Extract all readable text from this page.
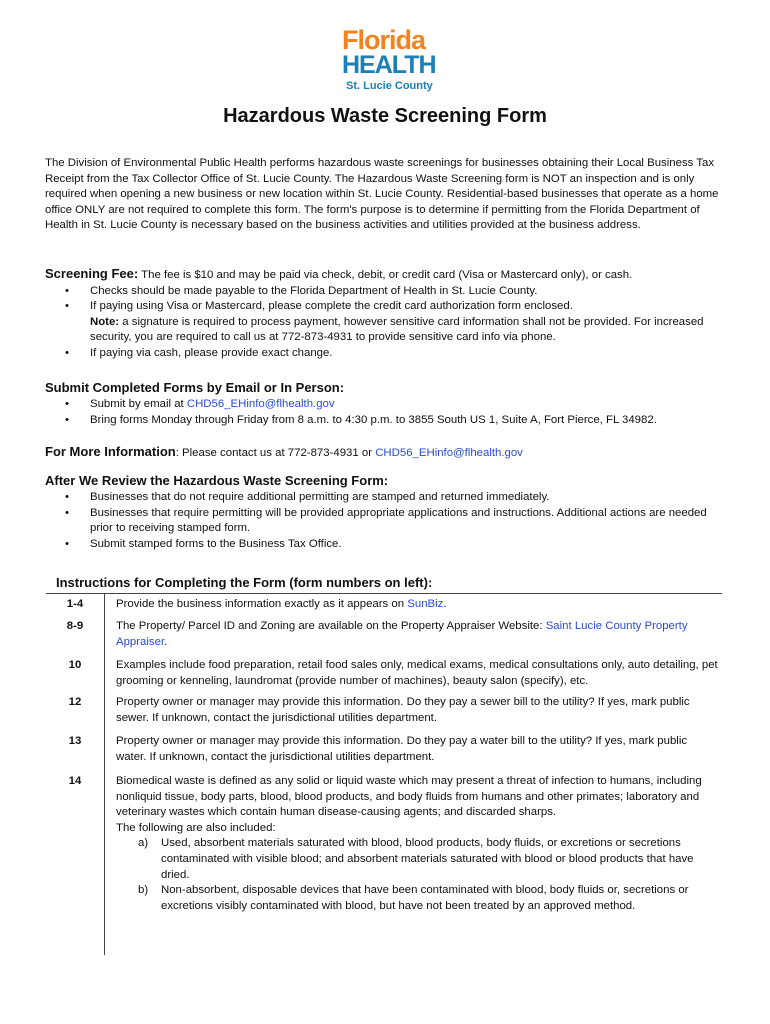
Florida
HEALTH
St. Lucie County
Hazardous Waste Screening Form
The Division of Environmental Public Health performs hazardous waste screenings for businesses obtaining their Local Business Tax Receipt from the Tax Collector Office of St. Lucie County. The Hazardous Waste Screening form is NOT an inspection and is only required when opening a new business or new location within St. Lucie County. Residential-based businesses that operate as a home office ONLY are not required to complete this form. The form's purpose is to determine if permitting from the Florida Department of Health in St. Lucie County is necessary based on the business activities and utilities provided at the business address.
Screening Fee: The fee is $10 and may be paid via check, debit, or credit card (Visa or Mastercard only), or cash.
• Checks should be made payable to the Florida Department of Health in St. Lucie County.
• If paying using Visa or Mastercard, please complete the credit card authorization form enclosed.
Note: a signature is required to process payment, however sensitive card information shall not be provided. For increased security, you are required to call us at 772-873-4931 to provide sensitive card info via phone.
• If paying via cash, please provide exact change.
Submit Completed Forms by Email or In Person:
• Submit by email at CHD56_EHinfo@flhealth.gov
• Bring forms Monday through Friday from 8 a.m. to 4:30 p.m. to 3855 South US 1, Suite A, Fort Pierce, FL 34982.
For More Information: Please contact us at 772-873-4931 or CHD56_EHinfo@flhealth.gov
After We Review the Hazardous Waste Screening Form:
• Businesses that do not require additional permitting are stamped and returned immediately.
• Businesses that require permitting will be provided appropriate applications and instructions. Additional actions are needed prior to receiving stamped form.
• Submit stamped forms to the Business Tax Office.
Instructions for Completing the Form (form numbers on left):
1-4	Provide the business information exactly as it appears on SunBiz.
8-9	The Property/ Parcel ID and Zoning are available on the Property Appraiser Website: Saint Lucie County Property Appraiser.
10	Examples include food preparation, retail food sales only, medical exams, medical consultations only, auto detailing, pet grooming or kenneling, laundromat (provide number of machines), beauty salon (specify), etc.
12	Property owner or manager may provide this information. Do they pay a sewer bill to the utility? If yes, mark public sewer. If unknown, contact the jurisdictional utilities department.
13	Property owner or manager may provide this information. Do they pay a water bill to the utility? If yes, mark public water. If unknown, contact the jurisdictional utilities department.
14	Biomedical waste is defined as any solid or liquid waste which may present a threat of infection to humans, including nonliquid tissue, body parts, blood, blood products, and body fluids from humans and other primates; laboratory and veterinary wastes which contain human disease-causing agents; and discarded sharps.
The following are also included:
a) Used, absorbent materials saturated with blood, blood products, body fluids, or excretions or secretions contaminated with visible blood; and absorbent materials saturated with blood or blood products that have dried.
b) Non-absorbent, disposable devices that have been contaminated with blood, body fluids or, secretions or excretions visibly contaminated with blood, but have not been treated by an approved method.
